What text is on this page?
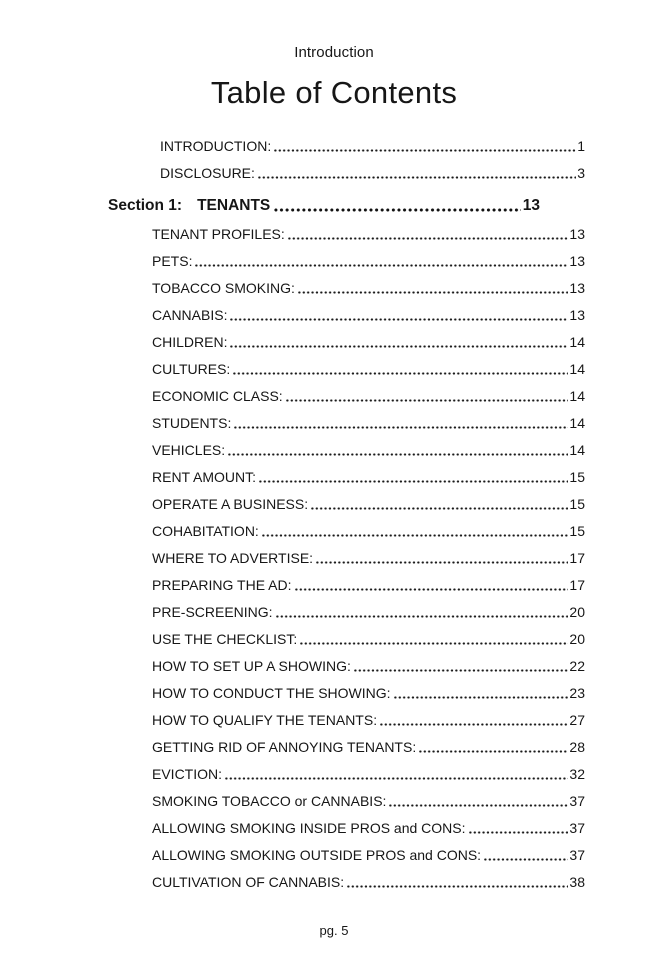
Introduction
Table of Contents
INTRODUCTION:	1
DISCLOSURE:	3
Section 1: TENANTS	13
TENANT PROFILES:	13
PETS:	13
TOBACCO SMOKING:	13
CANNABIS:	13
CHILDREN:	14
CULTURES:	14
ECONOMIC CLASS:	14
STUDENTS:	14
VEHICLES:	14
RENT AMOUNT:	15
OPERATE A BUSINESS:	15
COHABITATION:	15
WHERE TO ADVERTISE:	17
PREPARING THE AD:	17
PRE-SCREENING:	20
USE THE CHECKLIST:	20
HOW TO SET UP A SHOWING:	22
HOW TO CONDUCT THE SHOWING:	23
HOW TO QUALIFY THE TENANTS:	27
GETTING RID OF ANNOYING TENANTS:	28
EVICTION:	32
SMOKING TOBACCO or CANNABIS:	37
ALLOWING SMOKING INSIDE PROS and CONS:	37
ALLOWING SMOKING OUTSIDE PROS and CONS:	37
CULTIVATION OF CANNABIS:	38
pg. 5
